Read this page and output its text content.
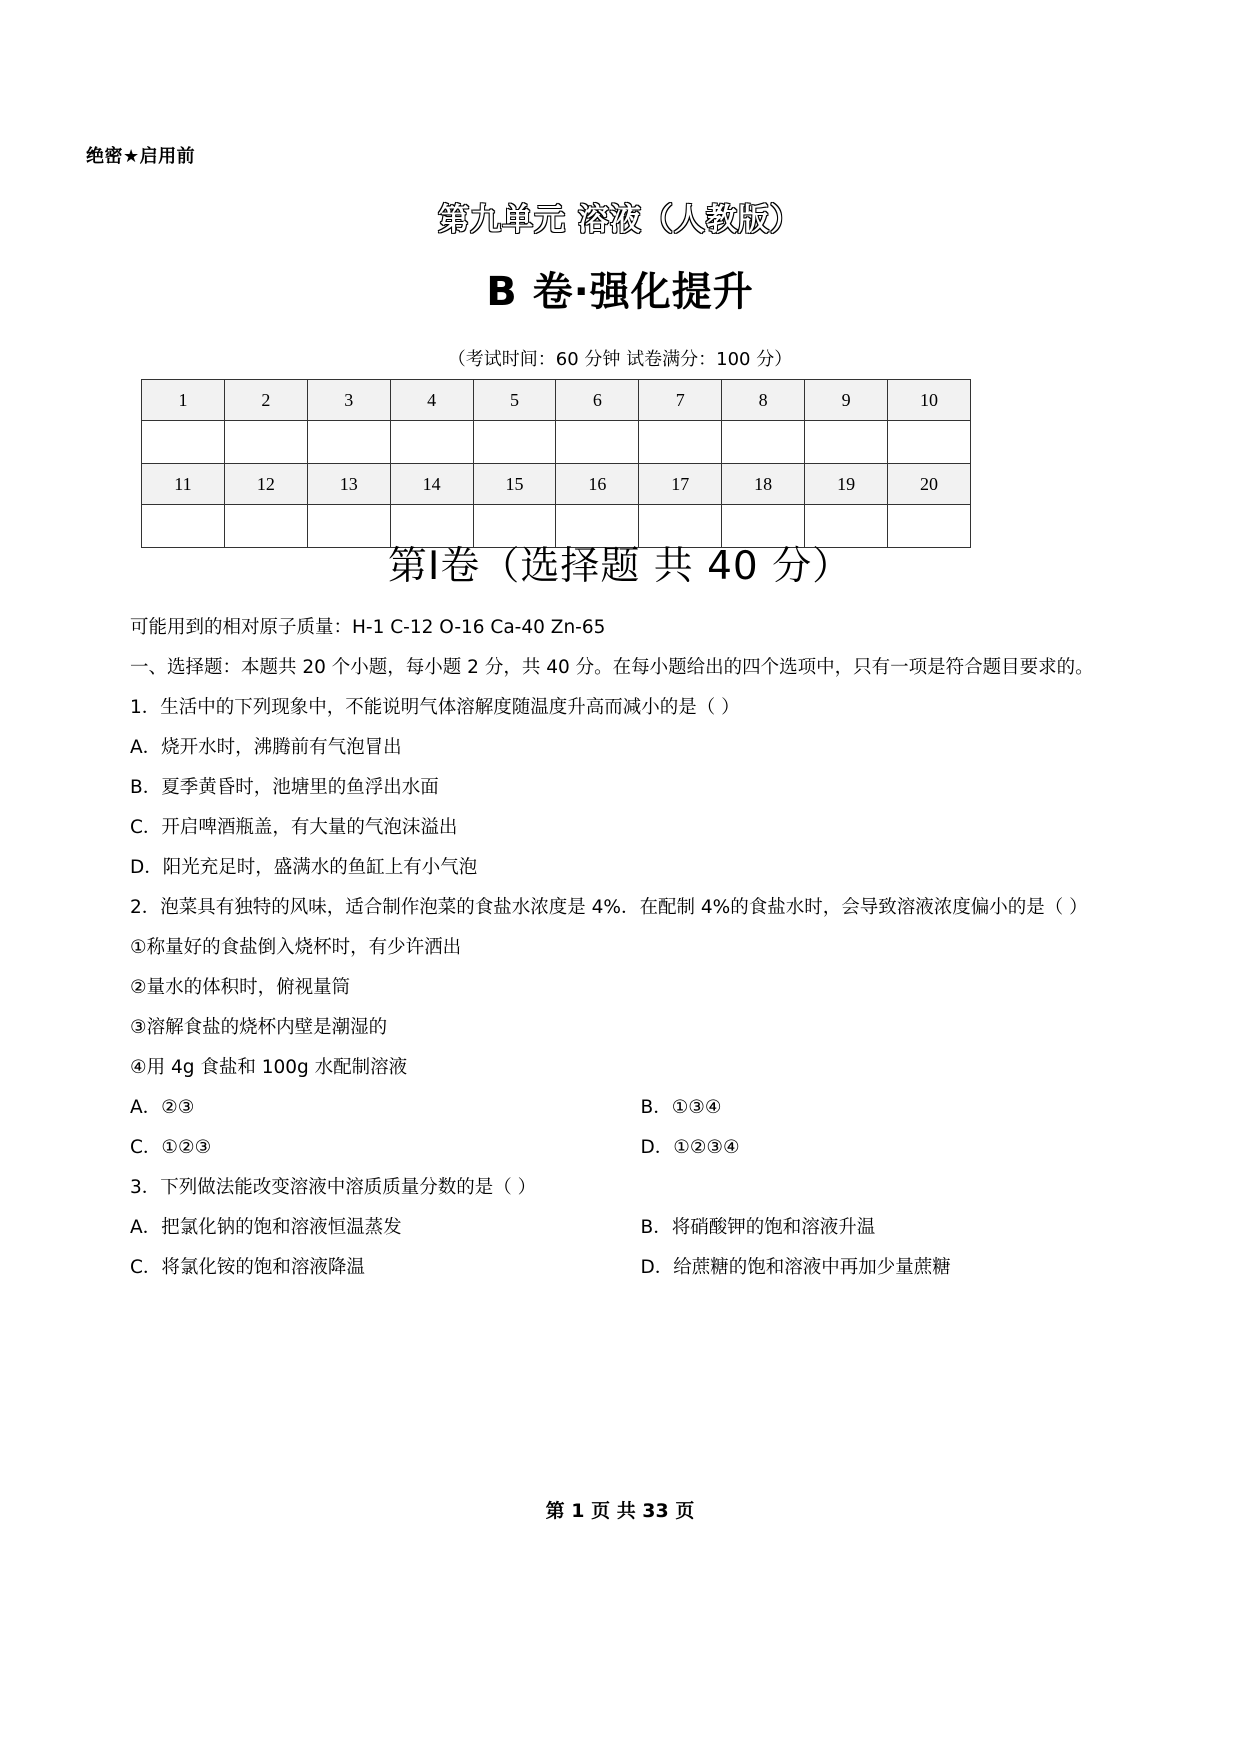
绝密★启用前
第九单元 溶液（人教版）
B 卷·强化提升
（考试时间：60 分钟 试卷满分：100 分）
1	2	3	4	5	6	7	8	9	10

11	12	13	14	15	16	17	18	19	20

第Ⅰ卷（选择题 共 40 分）

可能用到的相对原子质量：H-1 C-12 O-16 Ca-40 Zn-65

一、选择题：本题共 20 个小题，每小题 2 分，共 40 分。在每小题给出的四个选项中，只有一项是符合题目要求的。

1．生活中的下列现象中，不能说明气体溶解度随温度升高而减小的是（ ）

A．烧开水时，沸腾前有气泡冒出

B．夏季黄昏时，池塘里的鱼浮出水面

C．开启啤酒瓶盖，有大量的气泡沫溢出

D．阳光充足时，盛满水的鱼缸上有小气泡

2．泡菜具有独特的风味，适合制作泡菜的食盐水浓度是 4%．在配制 4%的食盐水时，会导致溶液浓度偏小的是（ ）

①称量好的食盐倒入烧杯时，有少许洒出

②量水的体积时，俯视量筒

③溶解食盐的烧杯内壁是潮湿的

④用 4g 食盐和 100g 水配制溶液

A．②③	B．①③④
C．①②③	D．①②③④

3．下列做法能改变溶液中溶质质量分数的是（ ）

A．把氯化钠的饱和溶液恒温蒸发	B．将硝酸钾的饱和溶液升温
C．将氯化铵的饱和溶液降温	D．给蔗糖的饱和溶液中再加少量蔗糖
第 1 页 共 33 页
